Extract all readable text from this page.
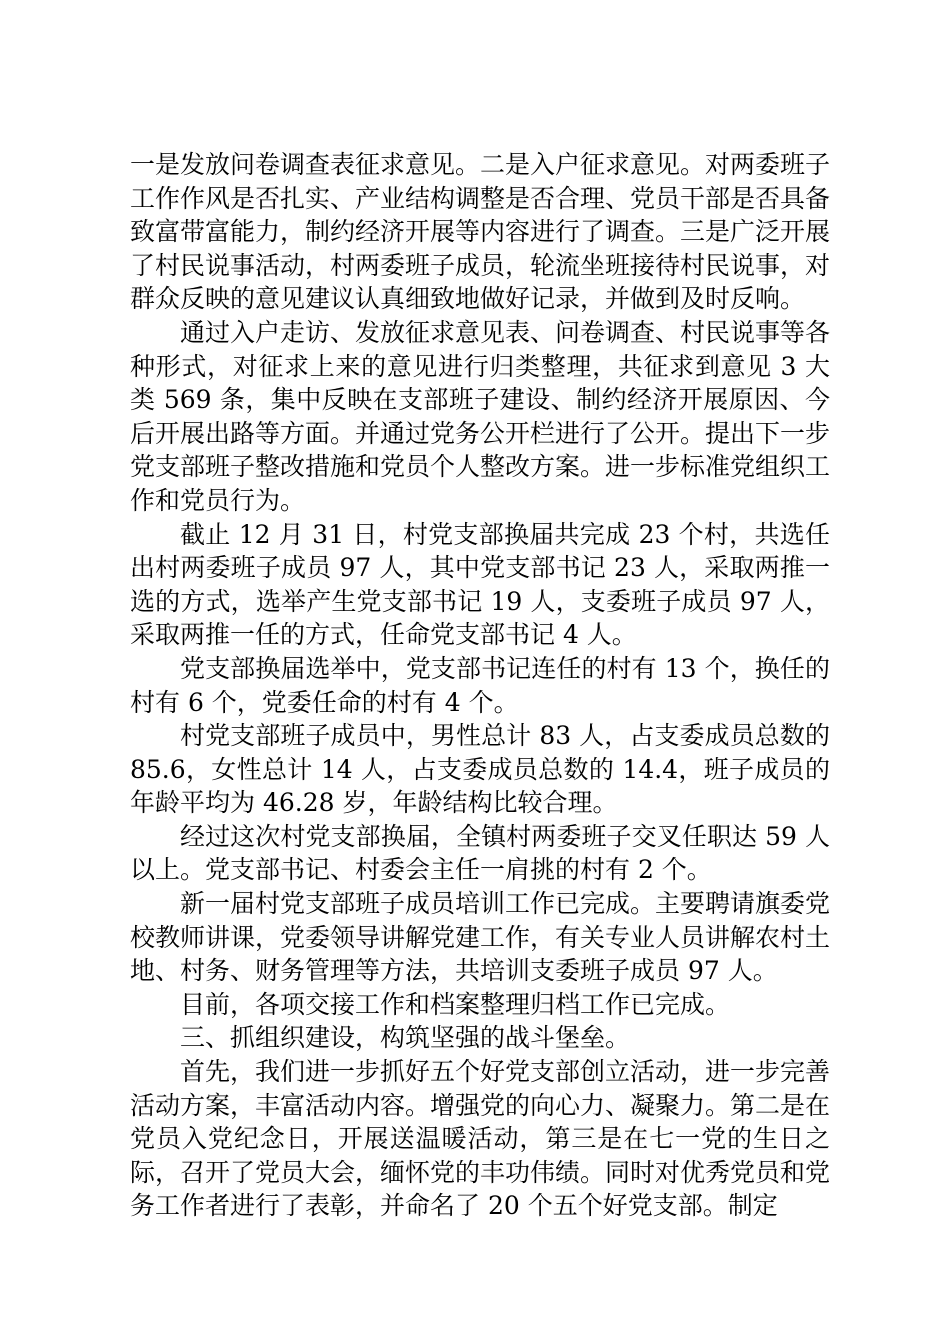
一是发放问卷调查表征求意见。二是入户征求意见。对两委班子工作作风是否扎实、产业结构调整是否合理、党员干部是否具备致富带富能力，制约经济开展等内容进行了调查。三是广泛开展了村民说事活动，村两委班子成员，轮流坐班接待村民说事，对群众反映的意见建议认真细致地做好记录，并做到及时反响。

通过入户走访、发放征求意见表、问卷调查、村民说事等各种形式，对征求上来的意见进行归类整理，共征求到意见 3 大类 569 条，集中反映在支部班子建设、制约经济开展原因、今后开展出路等方面。并通过党务公开栏进行了公开。提出下一步党支部班子整改措施和党员个人整改方案。进一步标准党组织工作和党员行为。

截止 12 月 31 日，村党支部换届共完成 23 个村，共选任出村两委班子成员 97 人，其中党支部书记 23 人，采取两推一选的方式，选举产生党支部书记 19 人，支委班子成员 97 人，采取两推一任的方式，任命党支部书记 4 人。

党支部换届选举中，党支部书记连任的村有 13 个，换任的村有 6 个，党委任命的村有 4 个。

村党支部班子成员中，男性总计 83 人，占支委成员总数的 85.6，女性总计 14 人，占支委成员总数的 14.4，班子成员的年龄平均为 46.28 岁，年龄结构比较合理。

经过这次村党支部换届，全镇村两委班子交叉任职达 59 人以上。党支部书记、村委会主任一肩挑的村有 2 个。

新一届村党支部班子成员培训工作已完成。主要聘请旗委党校教师讲课，党委领导讲解党建工作，有关专业人员讲解农村土地、村务、财务管理等方法，共培训支委班子成员 97 人。

目前，各项交接工作和档案整理归档工作已完成。

三、抓组织建设，构筑坚强的战斗堡垒。

首先，我们进一步抓好五个好党支部创立活动，进一步完善活动方案，丰富活动内容。增强党的向心力、凝聚力。第二是在党员入党纪念日，开展送温暖活动，第三是在七一党的生日之际，召开了党员大会，缅怀党的丰功伟绩。同时对优秀党员和党务工作者进行了表彰，并命名了 20 个五个好党支部。制定
